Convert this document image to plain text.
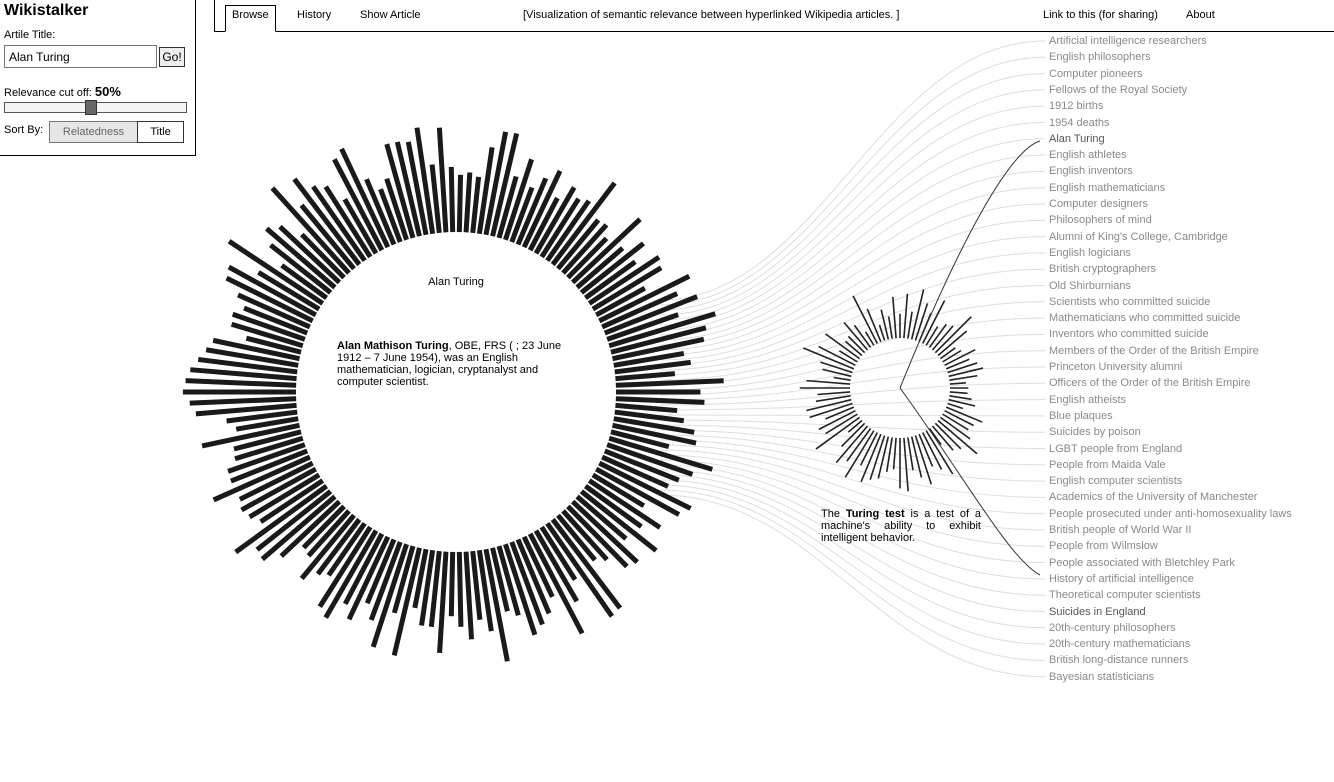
Artificial intelligence researchers
English philosophers
Computer pioneers
Fellows of the Royal Society
1912 births
1954 deaths
Alan Turing
English athletes
English inventors
English mathematicians
Computer designers
Philosophers of mind
Alumni of King's College, Cambridge
English logicians
British cryptographers
Old Shirburnians
Scientists who committed suicide
Mathematicians who committed suicide
Inventors who committed suicide
Members of the Order of the British Empire
Princeton University alumni
Officers of the Order of the British Empire
English atheists
Blue plaques
Suicides by poison
LGBT people from England
People from Maida Vale
English computer scientists
Academics of the University of Manchester
People prosecuted under anti-homosexuality laws
British people of World War II
People from Wilmslow
People associated with Bletchley Park
History of artificial intelligence
Theoretical computer scientists
Suicides in England
20th-century philosophers
20th-century mathematicians
British long-distance runners
Bayesian statisticians
Alan Turing
Alan Mathison Turing, OBE, FRS ( ; 23 June 1912 – 7 June 1954), was an English mathematician, logician, cryptanalyst and computer scientist.
The Turing test is a test of a machine's ability to exhibit intelligent behavior.
Browse	History	Show Article	[Visualization of semantic relevance between hyperlinked Wikipedia articles. ]	Link to this (for sharing)	About
Wikistalker
Artile Title:
Alan Turing
Go!
Relevance cut off: 50%
Sort By:	Relatedness	Title
